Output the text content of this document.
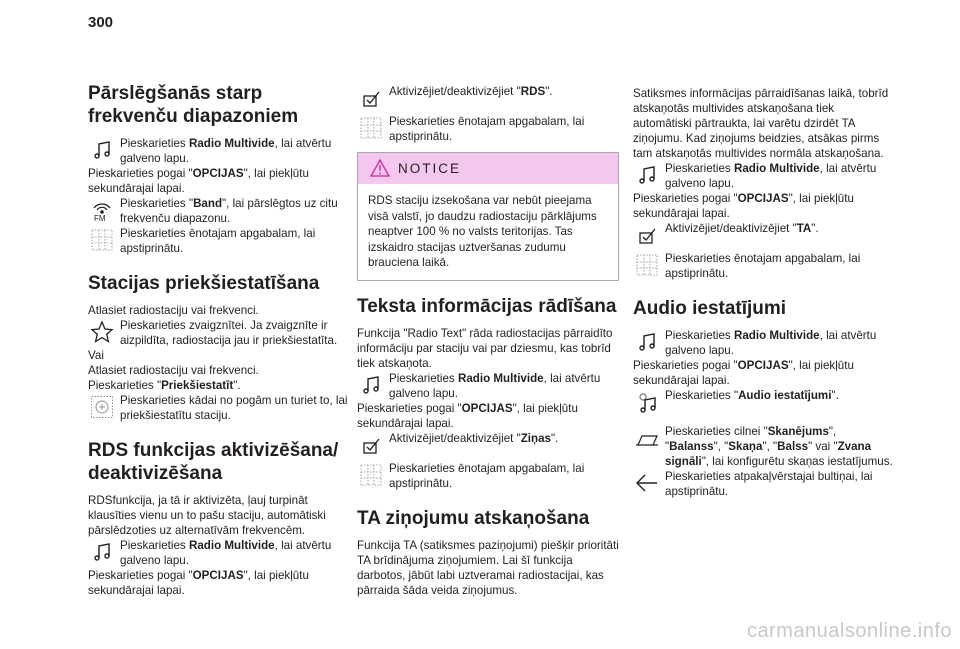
300
Pārslēgšanās starp frekvenču diapazoniem
Pieskarieties Radio Multivide, lai atvērtu galveno lapu.

Pieskarieties pogai "OPCIJAS", lai piekļūtu sekundārajai lapai.

FM
Pieskarieties "Band", lai pārslēgtos uz citu frekvenču diapazonu.
Pieskarieties ēnotajam apgabalam, lai apstiprinātu.
Stacijas priekšiestatīšana

Atlasiet radiostaciju vai frekvenci.

Pieskarieties zvaigznītei. Ja zvaigznīte ir aizpildīta, radiostacija jau ir priekšiestatīta.

Vai

Atlasiet radiostaciju vai frekvenci.

Pieskarieties "Priekšiestatīt".

Pieskarieties kādai no pogām un turiet to, lai priekšiestatītu staciju.
RDS funkcijas aktivizēšana/ deaktivizēšana

RDSfunkcija, ja tā ir aktivizēta, ļauj turpināt klausīties vienu un to pašu staciju, automātiski pārslēdzoties uz alternatīvām frekvencēm.

Pieskarieties Radio Multivide, lai atvērtu galveno lapu.

Pieskarieties pogai "OPCIJAS", lai piekļūtu sekundārajai lapai.

Aktivizējiet/deaktivizējiet "RDS".
Pieskarieties ēnotajam apgabalam, lai apstiprinātu.
NOTICE
RDS staciju izsekošana var nebūt pieejama visā valstī, jo daudzu radiostaciju pārklājums neaptver 100 % no valsts teritorijas. Tas izskaidro stacijas uztveršanas zudumu brauciena laikā.
Teksta informācijas rādīšana

Funkcija "Radio Text" rāda radiostacijas pārraidīto informāciju par staciju vai par dziesmu, kas tobrīd tiek atskaņota.

Pieskarieties Radio Multivide, lai atvērtu galveno lapu.

Pieskarieties pogai "OPCIJAS", lai piekļūtu sekundārajai lapai.

Aktivizējiet/deaktivizējiet "Ziņas".
Pieskarieties ēnotajam apgabalam, lai apstiprinātu.
TA ziņojumu atskaņošana

Funkcija TA (satiksmes paziņojumi) piešķir prioritāti TA brīdinājuma ziņojumiem. Lai šī funkcija darbotos, jābūt labi uztveramai radiostacijai, kas pārraida šāda veida ziņojumus.

Satiksmes informācijas pārraidīšanas laikā, tobrīd atskaņotās multivides atskaņošana tiek automātiski pārtraukta, lai varētu dzirdēt TA ziņojumu. Kad ziņojums beidzies, atsākas pirms tam atskaņotās multivides normāla atskaņošana.

Pieskarieties Radio Multivide, lai atvērtu galveno lapu.

Pieskarieties pogai "OPCIJAS", lai piekļūtu sekundārajai lapai.

Aktivizējiet/deaktivizējiet "TA".
Pieskarieties ēnotajam apgabalam, lai apstiprinātu.
Audio iestatījumi
Pieskarieties Radio Multivide, lai atvērtu galveno lapu.

Pieskarieties pogai "OPCIJAS", lai piekļūtu sekundārajai lapai.

Pieskarieties "Audio iestatījumi".
Pieskarieties cilnei "Skanējums", "Balanss", "Skaņa", "Balss" vai "Zvana signāli", lai konfigurētu skaņas iestatījumus.
Pieskarieties atpakaļvērstajai bultiņai, lai apstiprinātu.
carmanualsonline.info
